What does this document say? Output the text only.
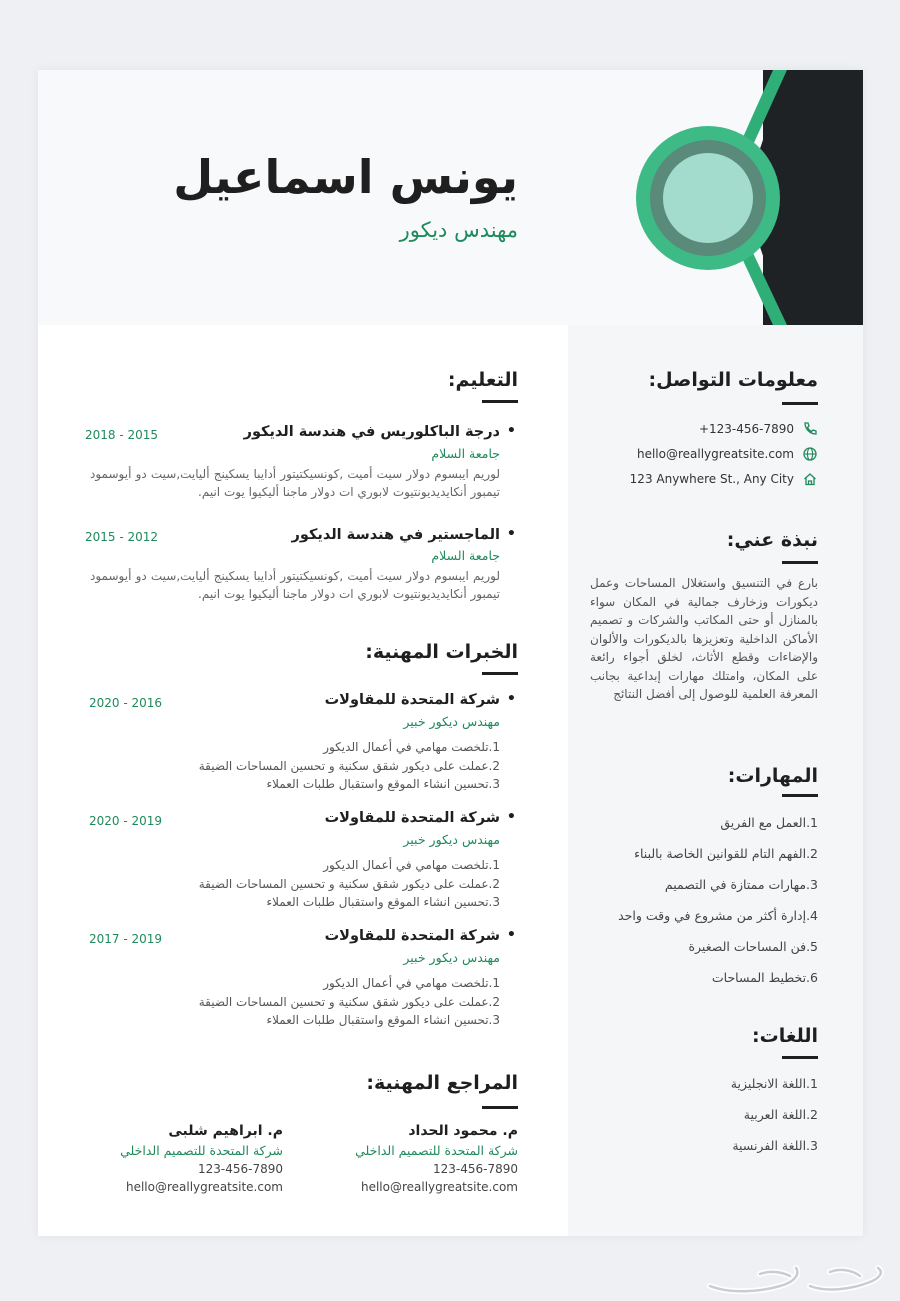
يونس اسماعيل
مهندس ديكور
معلومات التواصل:
+123-456-7890
hello@reallygreatsite.com
123 Anywhere St., Any City
نبذة عني:
بارع في التنسيق واستغلال المساحات وعمل ديكورات وزخارف جمالية في المكان سواء بالمنازل أو حتى المكاتب والشركات و تصميم الأماكن الداخلية وتعزيزها بالديكورات والألوان والإضاءات وقطع الأثاث، لخلق أجواء رائعة على المكان، وامتلك مهارات إبداعية بجانب المعرفة العلمية للوصول إلى أفضل النتائج
المهارات:
1.العمل مع الفريق
2.الفهم التام للقوانين الخاصة بالبناء
3.مهارات ممتازة في التصميم
4.إدارة أكثر من مشروع في وقت واحد
5.فن المساحات الصغيرة
6.تخطيط المساحات
اللغات:
1.اللغة الانجليزية
2.اللغة العربية
3.اللغة الفرنسية
التعليم:
درجة الباكلوريس في هندسة الديكور •
2018 - 2015
جامعة السلام
لوريم ايبسوم دولار سيت أميت ,كونسيكتيتور أدايبا يسكينج أليايت,سيت دو أيوسمود تيمبور أنكايديديونتيوت لابوري ات دولار ماجنا أليكيوا يوت انيم.
الماجستير في هندسة الديكور •
2015 - 2012
جامعة السلام
لوريم ايبسوم دولار سيت أميت ,كونسيكتيتور أدايبا يسكينج أليايت,سيت دو أيوسمود تيمبور أنكايديديونتيوت لابوري ات دولار ماجنا أليكيوا يوت انيم.
الخبرات المهنية:
شركة المتحدة للمقاولات •
2020 - 2016
مهندس ديكور خبير
1.تلخصت مهامي في أعمال الديكور
2.عملت على ديكور شقق سكنية و تحسين المساحات الضيقة
3.تحسين انشاء الموقع واستقبال طلبات العملاء
شركة المتحدة للمقاولات •
2020 - 2019
مهندس ديكور خبير
1.تلخصت مهامي في أعمال الديكور
2.عملت على ديكور شقق سكنية و تحسين المساحات الضيقة
3.تحسين انشاء الموقع واستقبال طلبات العملاء
شركة المتحدة للمقاولات •
2017 - 2019
مهندس ديكور خبير
1.تلخصت مهامي في أعمال الديكور
2.عملت على ديكور شقق سكنية و تحسين المساحات الضيقة
3.تحسين انشاء الموقع واستقبال طلبات العملاء
المراجع المهنية:
م. محمود الحداد
شركة المتحدة للتصميم الداخلي
123-456-7890
hello@reallygreatsite.com
م. ابراهيم شلبى
شركة المتحدة للتصميم الداخلي
123-456-7890
hello@reallygreatsite.com
